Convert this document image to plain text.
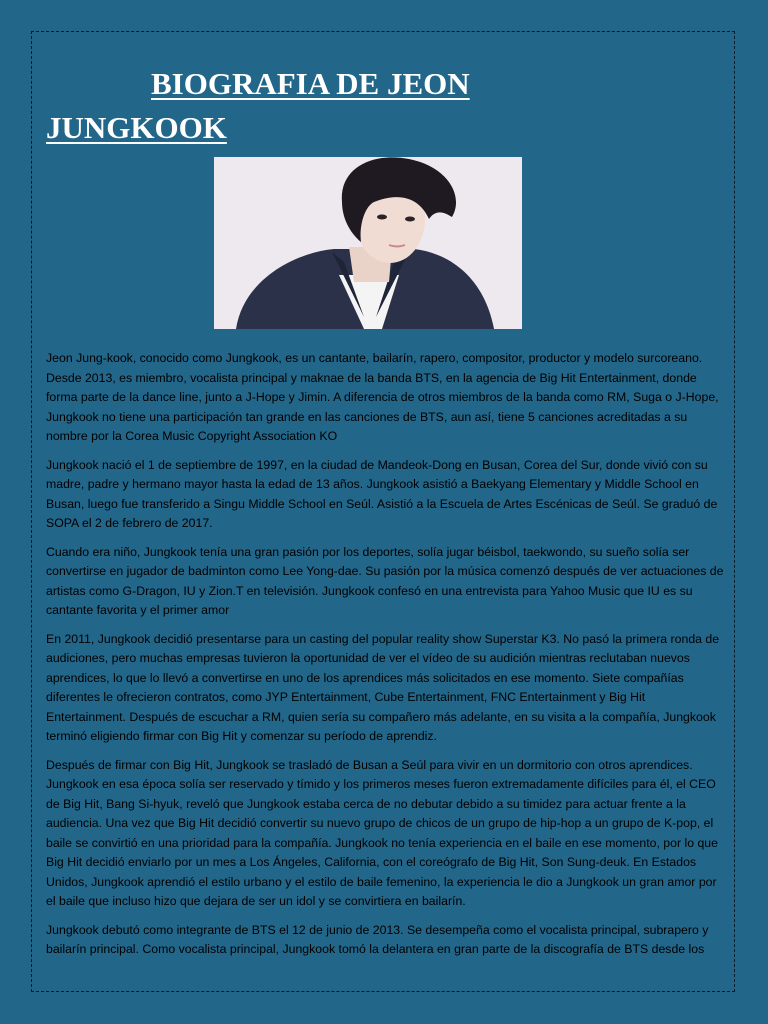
BIOGRAFIA DE JEON
JUNGKOOK

Jeon Jung-kook, conocido como Jungkook, es un cantante, bailarín, rapero, compositor, productor y modelo surcoreano. Desde 2013, es miembro, vocalista principal y maknae de la banda BTS, en la agencia de Big Hit Entertainment, donde forma parte de la dance line, junto a J-Hope y Jimin. A diferencia de otros miembros de la banda como RM, Suga o J-Hope, Jungkook no tiene una participación tan grande en las canciones de BTS, aun así, tiene 5 canciones acreditadas a su nombre por la Corea Music Copyright Association KO

Jungkook nació el 1 de septiembre de 1997, en la ciudad de Mandeok-Dong en Busan, Corea del Sur, donde vivió con su madre, padre y hermano mayor hasta la edad de 13 años. Jungkook asistió a Baekyang Elementary y Middle School en Busan, luego fue transferido a Singu Middle School en Seúl. Asistió a la Escuela de Artes Escénicas de Seúl. Se graduó de SOPA el 2 de febrero de 2017.

Cuando era niño, Jungkook tenía una gran pasión por los deportes, solía jugar béisbol, taekwondo, su sueño solía ser convertirse en jugador de badminton como Lee Yong-dae. Su pasión por la música comenzó después de ver actuaciones de artistas como G-Dragon, IU y Zion.T en televisión. Jungkook confesó en una entrevista para Yahoo Music que IU es su cantante favorita y el primer amor

En 2011, Jungkook decidió presentarse para un casting del popular reality show Superstar K3. No pasó la primera ronda de audiciones, pero muchas empresas tuvieron la oportunidad de ver el vídeo de su audición mientras reclutaban nuevos aprendices, lo que lo llevó a convertirse en uno de los aprendices más solicitados en ese momento. Siete compañías diferentes le ofrecieron contratos, como JYP Entertainment, Cube Entertainment, FNC Entertainment y Big Hit Entertainment. Después de escuchar a RM, quien sería su compañero más adelante, en su visita a la compañía, Jungkook terminó eligiendo firmar con Big Hit y comenzar su período de aprendiz.

Después de firmar con Big Hit, Jungkook se trasladó de Busan a Seúl para vivir en un dormitorio con otros aprendices. Jungkook en esa época solía ser reservado y tímido y los primeros meses fueron extremadamente difíciles para él, el CEO de Big Hit, Bang Si-hyuk, reveló que Jungkook estaba cerca de no debutar debido a su timidez para actuar frente a la audiencia. Una vez que Big Hit decidió convertir su nuevo grupo de chicos de un grupo de hip-hop a un grupo de K-pop, el baile se convirtió en una prioridad para la compañía. Jungkook no tenía experiencia en el baile en ese momento, por lo que Big Hit decidió enviarlo por un mes a Los Ángeles, California, con el coreógrafo de Big Hit, Son Sung-deuk. En Estados Unidos, Jungkook aprendió el estilo urbano y el estilo de baile femenino, la experiencia le dio a Jungkook un gran amor por el baile que incluso hizo que dejara de ser un idol y se convirtiera en bailarín.

Jungkook debutó como integrante de BTS el 12 de junio de 2013. Se desempeña como el vocalista principal, subrapero y bailarín principal. Como vocalista principal, Jungkook tomó la delantera en gran parte de la discografía de BTS desde los
